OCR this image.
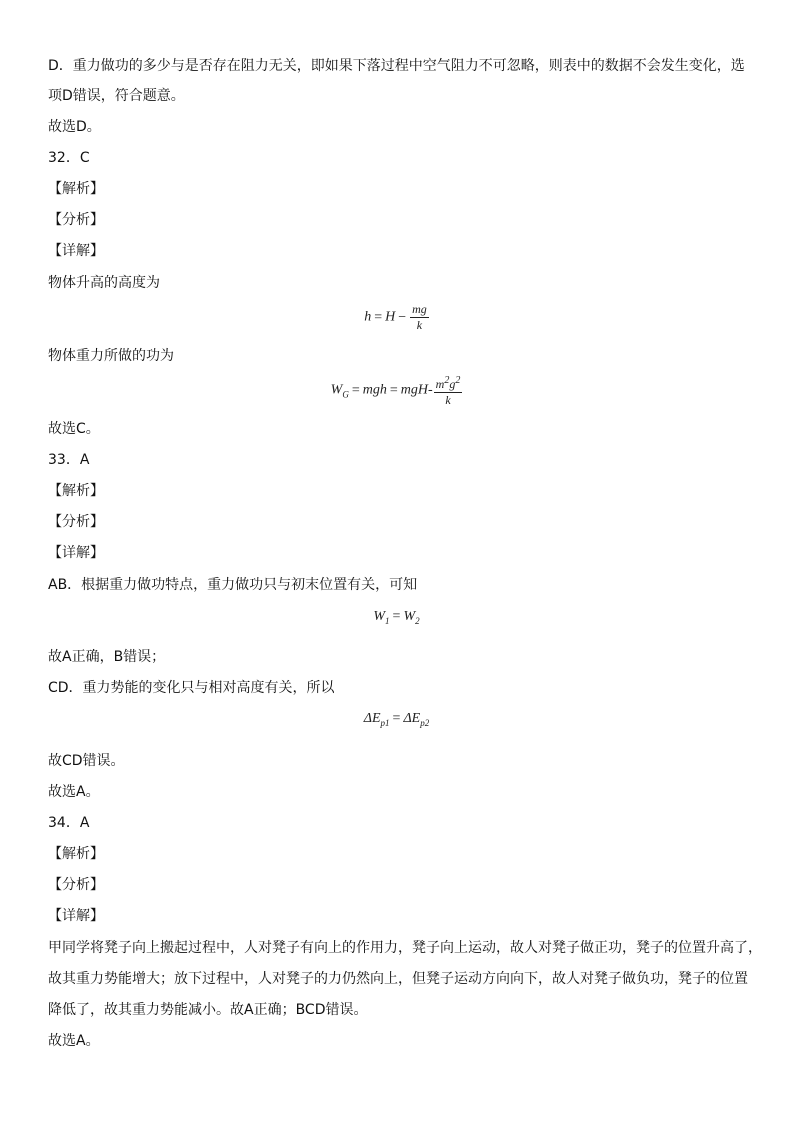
D．重力做功的多少与是否存在阻力无关，即如果下落过程中空气阻力不可忽略，则表中的数据不会发生变化，选
项D错误，符合题意。
故选D。
32．C
【解析】
【分析】
【详解】
物体升高的高度为
$h = H - \frac{mg}{k}$
物体重力所做的功为
$W_G$ = mgh = $mgH- \frac{m^2g^2}{k}$
故选C。
33．A
【解析】
【分析】
【详解】
AB．根据重力做功特点，重力做功只与初末位置有关，可知
$W_1 = W_2$
故A正确，B错误；
CD．重力势能的变化只与相对高度有关，所以
$\Delta E_{p1} = \Delta E_{p2}$
故CD错误。
故选A。
34．A
【解析】
【分析】
【详解】
甲同学将凳子向上搬起过程中，人对凳子有向上的作用力，凳子向上运动，故人对凳子做正功，凳子的位置升高了，
故其重力势能增大；放下过程中，人对凳子的力仍然向上，但凳子运动方向向下，故人对凳子做负功，凳子的位置
降低了，故其重力势能减小。故A正确；BCD错误。
故选A。
